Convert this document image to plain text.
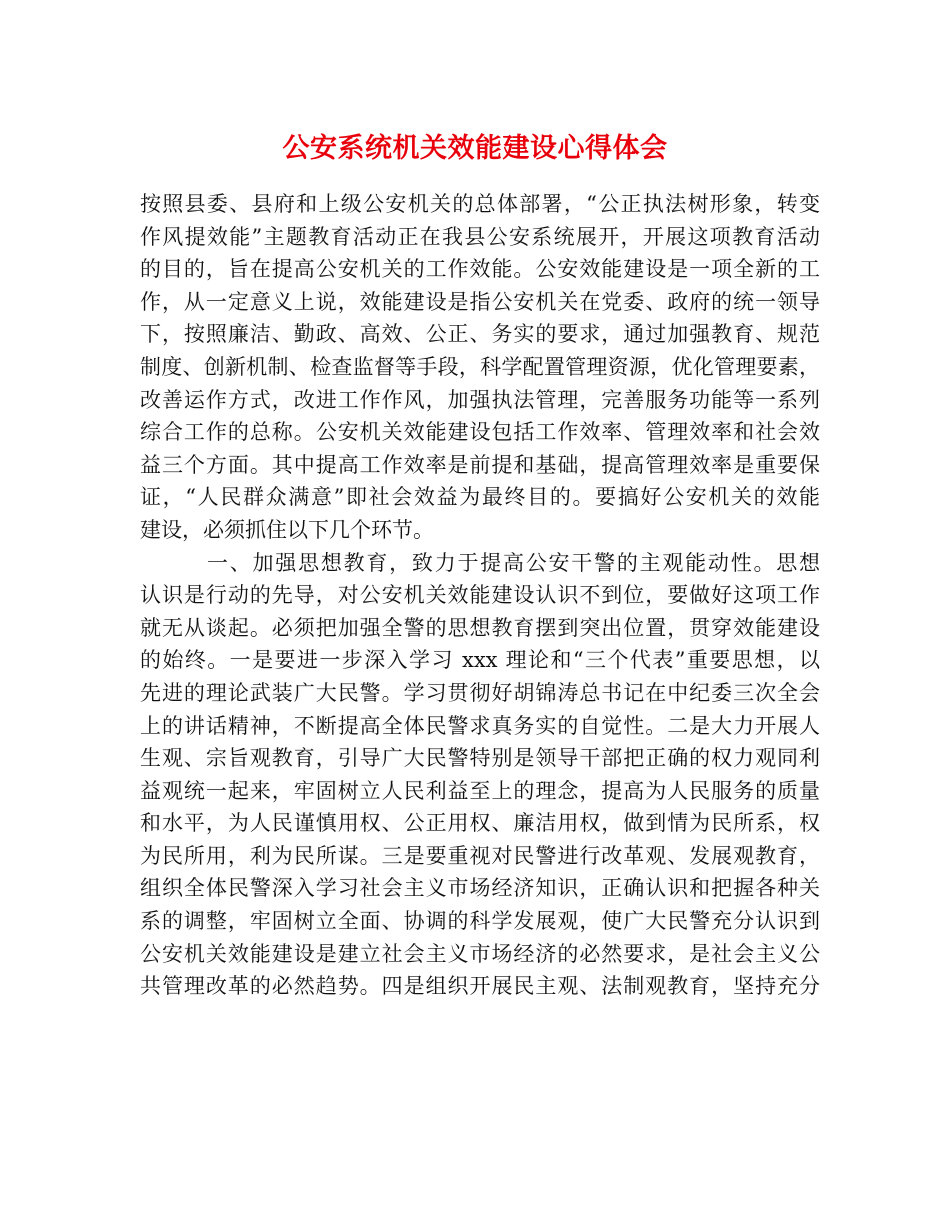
公安系统机关效能建设心得体会
按照县委、县府和上级公安机关的总体部署，“公正执法树形象，转变
作风提效能”主题教育活动正在我县公安系统展开，开展这项教育活动
的目的，旨在提高公安机关的工作效能。公安效能建设是一项全新的工
作，从一定意义上说，效能建设是指公安机关在党委、政府的统一领导
下，按照廉洁、勤政、高效、公正、务实的要求，通过加强教育、规范
制度、创新机制、检查监督等手段，科学配置管理资源，优化管理要素，
改善运作方式，改进工作作风，加强执法管理，完善服务功能等一系列
综合工作的总称。公安机关效能建设包括工作效率、管理效率和社会效
益三个方面。其中提高工作效率是前提和基础，提高管理效率是重要保
证，“人民群众满意”即社会效益为最终目的。要搞好公安机关的效能
建设，必须抓住以下几个环节。
一、加强思想教育，致力于提高公安干警的主观能动性。思想
认识是行动的先导，对公安机关效能建设认识不到位，要做好这项工作
就无从谈起。必须把加强全警的思想教育摆到突出位置，贯穿效能建设
的始终。一是要进一步深入学习 xxx 理论和“三个代表”重要思想，以
先进的理论武装广大民警。学习贯彻好胡锦涛总书记在中纪委三次全会
上的讲话精神，不断提高全体民警求真务实的自觉性。二是大力开展人
生观、宗旨观教育，引导广大民警特别是领导干部把正确的权力观同利
益观统一起来，牢固树立人民利益至上的理念，提高为人民服务的质量
和水平，为人民谨慎用权、公正用权、廉洁用权，做到情为民所系，权
为民所用，利为民所谋。三是要重视对民警进行改革观、发展观教育，
组织全体民警深入学习社会主义市场经济知识，正确认识和把握各种关
系的调整，牢固树立全面、协调的科学发展观，使广大民警充分认识到
公安机关效能建设是建立社会主义市场经济的必然要求，是社会主义公
共管理改革的必然趋势。四是组织开展民主观、法制观教育，坚持充分
